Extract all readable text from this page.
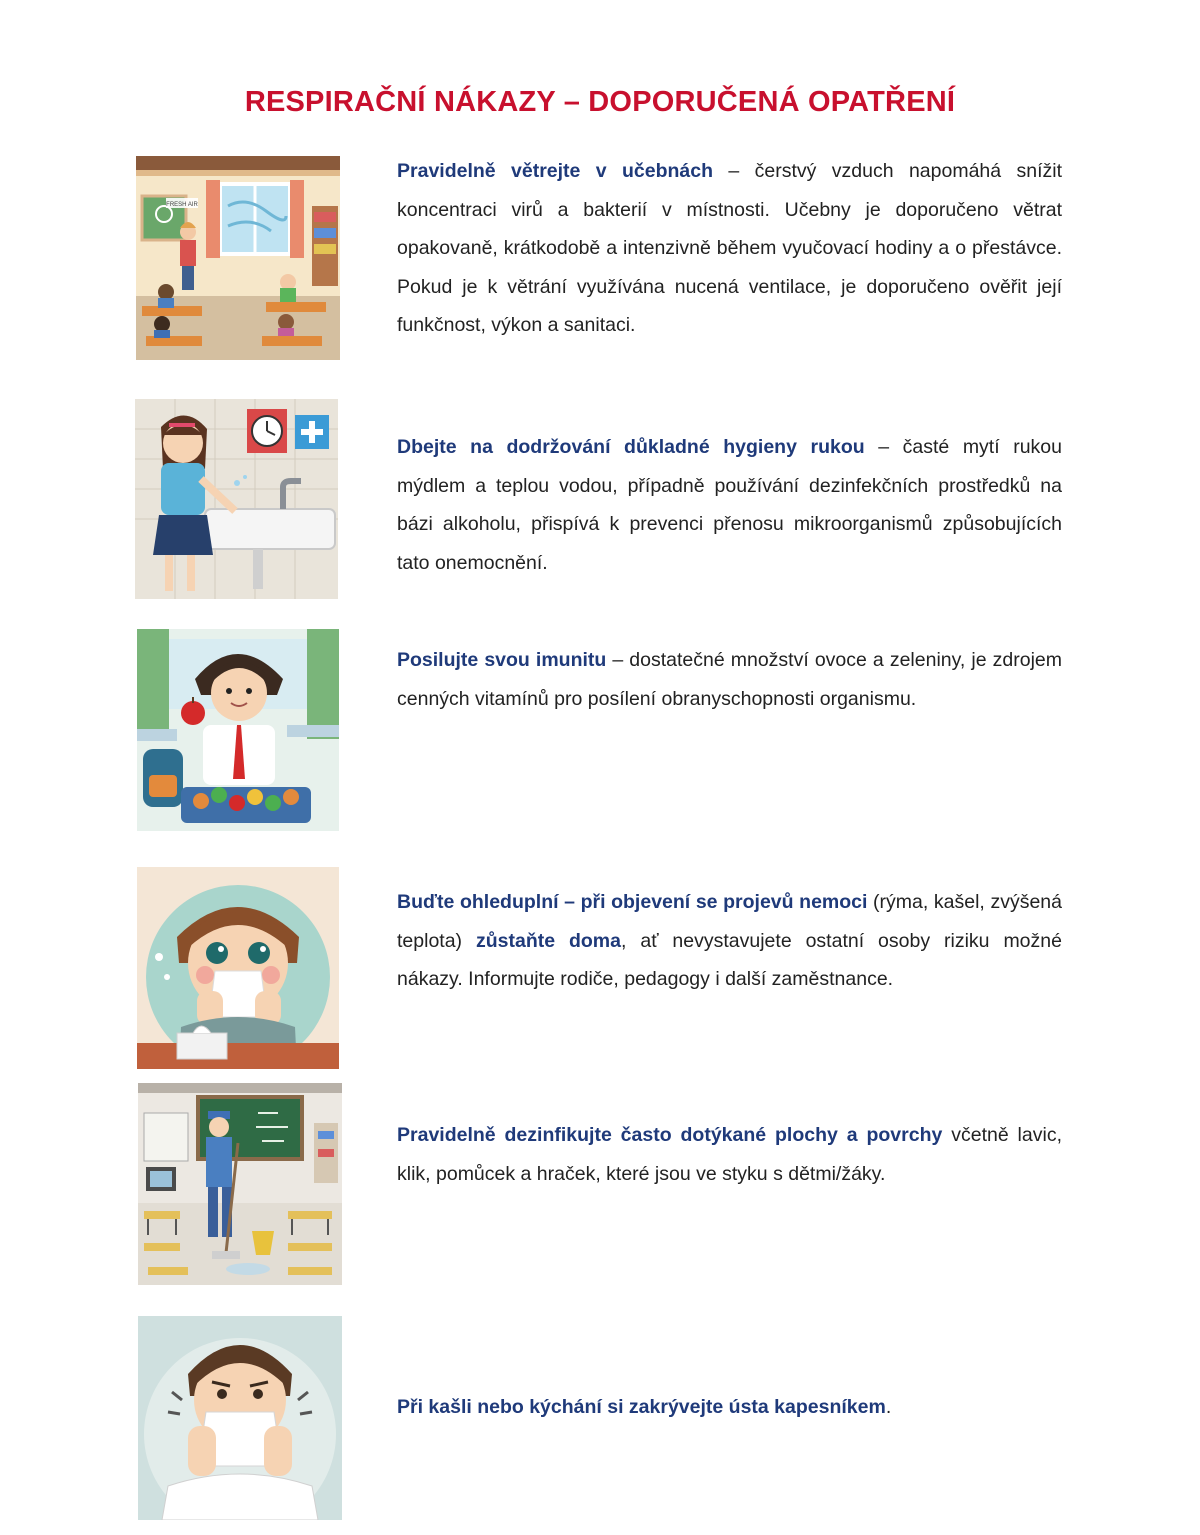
RESPIRAČNÍ NÁKAZY – DOPORUČENÁ OPATŘENÍ
FRESH AIR
Pravidelně větrejte v učebnách – čerstvý vzduch napomáhá snížit koncentraci virů a bakterií v místnosti. Učebny je doporučeno větrat opakovaně, krátkodobě a intenzivně během vyučovací hodiny a o přestávce. Pokud je k větrání využívána nucená ventilace, je doporučeno ověřit její funkčnost, výkon a sanitaci.
Dbejte na dodržování důkladné hygieny rukou – časté mytí rukou mýdlem a teplou vodou, případně používání dezinfekčních prostředků na bázi alkoholu, přispívá k prevenci přenosu mikroorganismů způsobujících tato onemocnění.
Posilujte svou imunitu – dostatečné množství ovoce a zeleniny, je zdrojem cenných vitamínů pro posílení obranyschopnosti organismu.
Buďte ohleduplní – při objevení se projevů nemoci (rýma, kašel, zvýšená teplota) zůstaňte doma, ať nevystavujete ostatní osoby riziku možné nákazy. Informujte rodiče, pedagogy i další zaměstnance.
Pravidelně dezinfikujte často dotýkané plochy a povrchy včetně lavic, klik, pomůcek a hraček, které jsou ve styku s dětmi/žáky.
Při kašli nebo kýchání si zakrývejte ústa kapesníkem.
